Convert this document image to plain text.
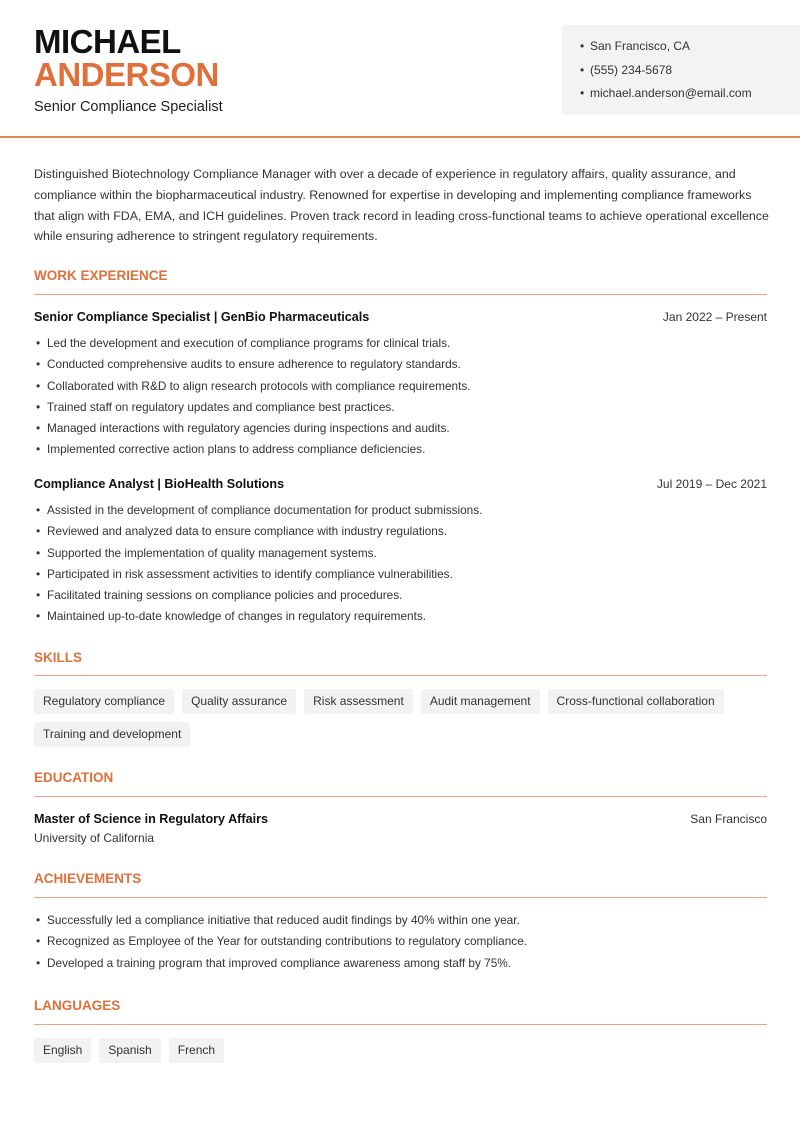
MICHAEL
ANDERSON
Senior Compliance Specialist
• San Francisco, CA
• (555) 234-5678
• michael.anderson@email.com
Distinguished Biotechnology Compliance Manager with over a decade of experience in regulatory affairs, quality assurance, and compliance within the biopharmaceutical industry. Renowned for expertise in developing and implementing compliance frameworks that align with FDA, EMA, and ICH guidelines. Proven track record in leading cross-functional teams to achieve operational excellence while ensuring adherence to stringent regulatory requirements.
WORK EXPERIENCE
Senior Compliance Specialist | GenBio Pharmaceuticals	Jan 2022 – Present
• Led the development and execution of compliance programs for clinical trials.
• Conducted comprehensive audits to ensure adherence to regulatory standards.
• Collaborated with R&D to align research protocols with compliance requirements.
• Trained staff on regulatory updates and compliance best practices.
• Managed interactions with regulatory agencies during inspections and audits.
• Implemented corrective action plans to address compliance deficiencies.
Compliance Analyst | BioHealth Solutions	Jul 2019 – Dec 2021
• Assisted in the development of compliance documentation for product submissions.
• Reviewed and analyzed data to ensure compliance with industry regulations.
• Supported the implementation of quality management systems.
• Participated in risk assessment activities to identify compliance vulnerabilities.
• Facilitated training sessions on compliance policies and procedures.
• Maintained up-to-date knowledge of changes in regulatory requirements.
SKILLS
Regulatory compliance	Quality assurance	Risk assessment	Audit management	Cross-functional collaboration
Training and development
EDUCATION
Master of Science in Regulatory Affairs	San Francisco
University of California
ACHIEVEMENTS
• Successfully led a compliance initiative that reduced audit findings by 40% within one year.
• Recognized as Employee of the Year for outstanding contributions to regulatory compliance.
• Developed a training program that improved compliance awareness among staff by 75%.
LANGUAGES
English	Spanish	French
